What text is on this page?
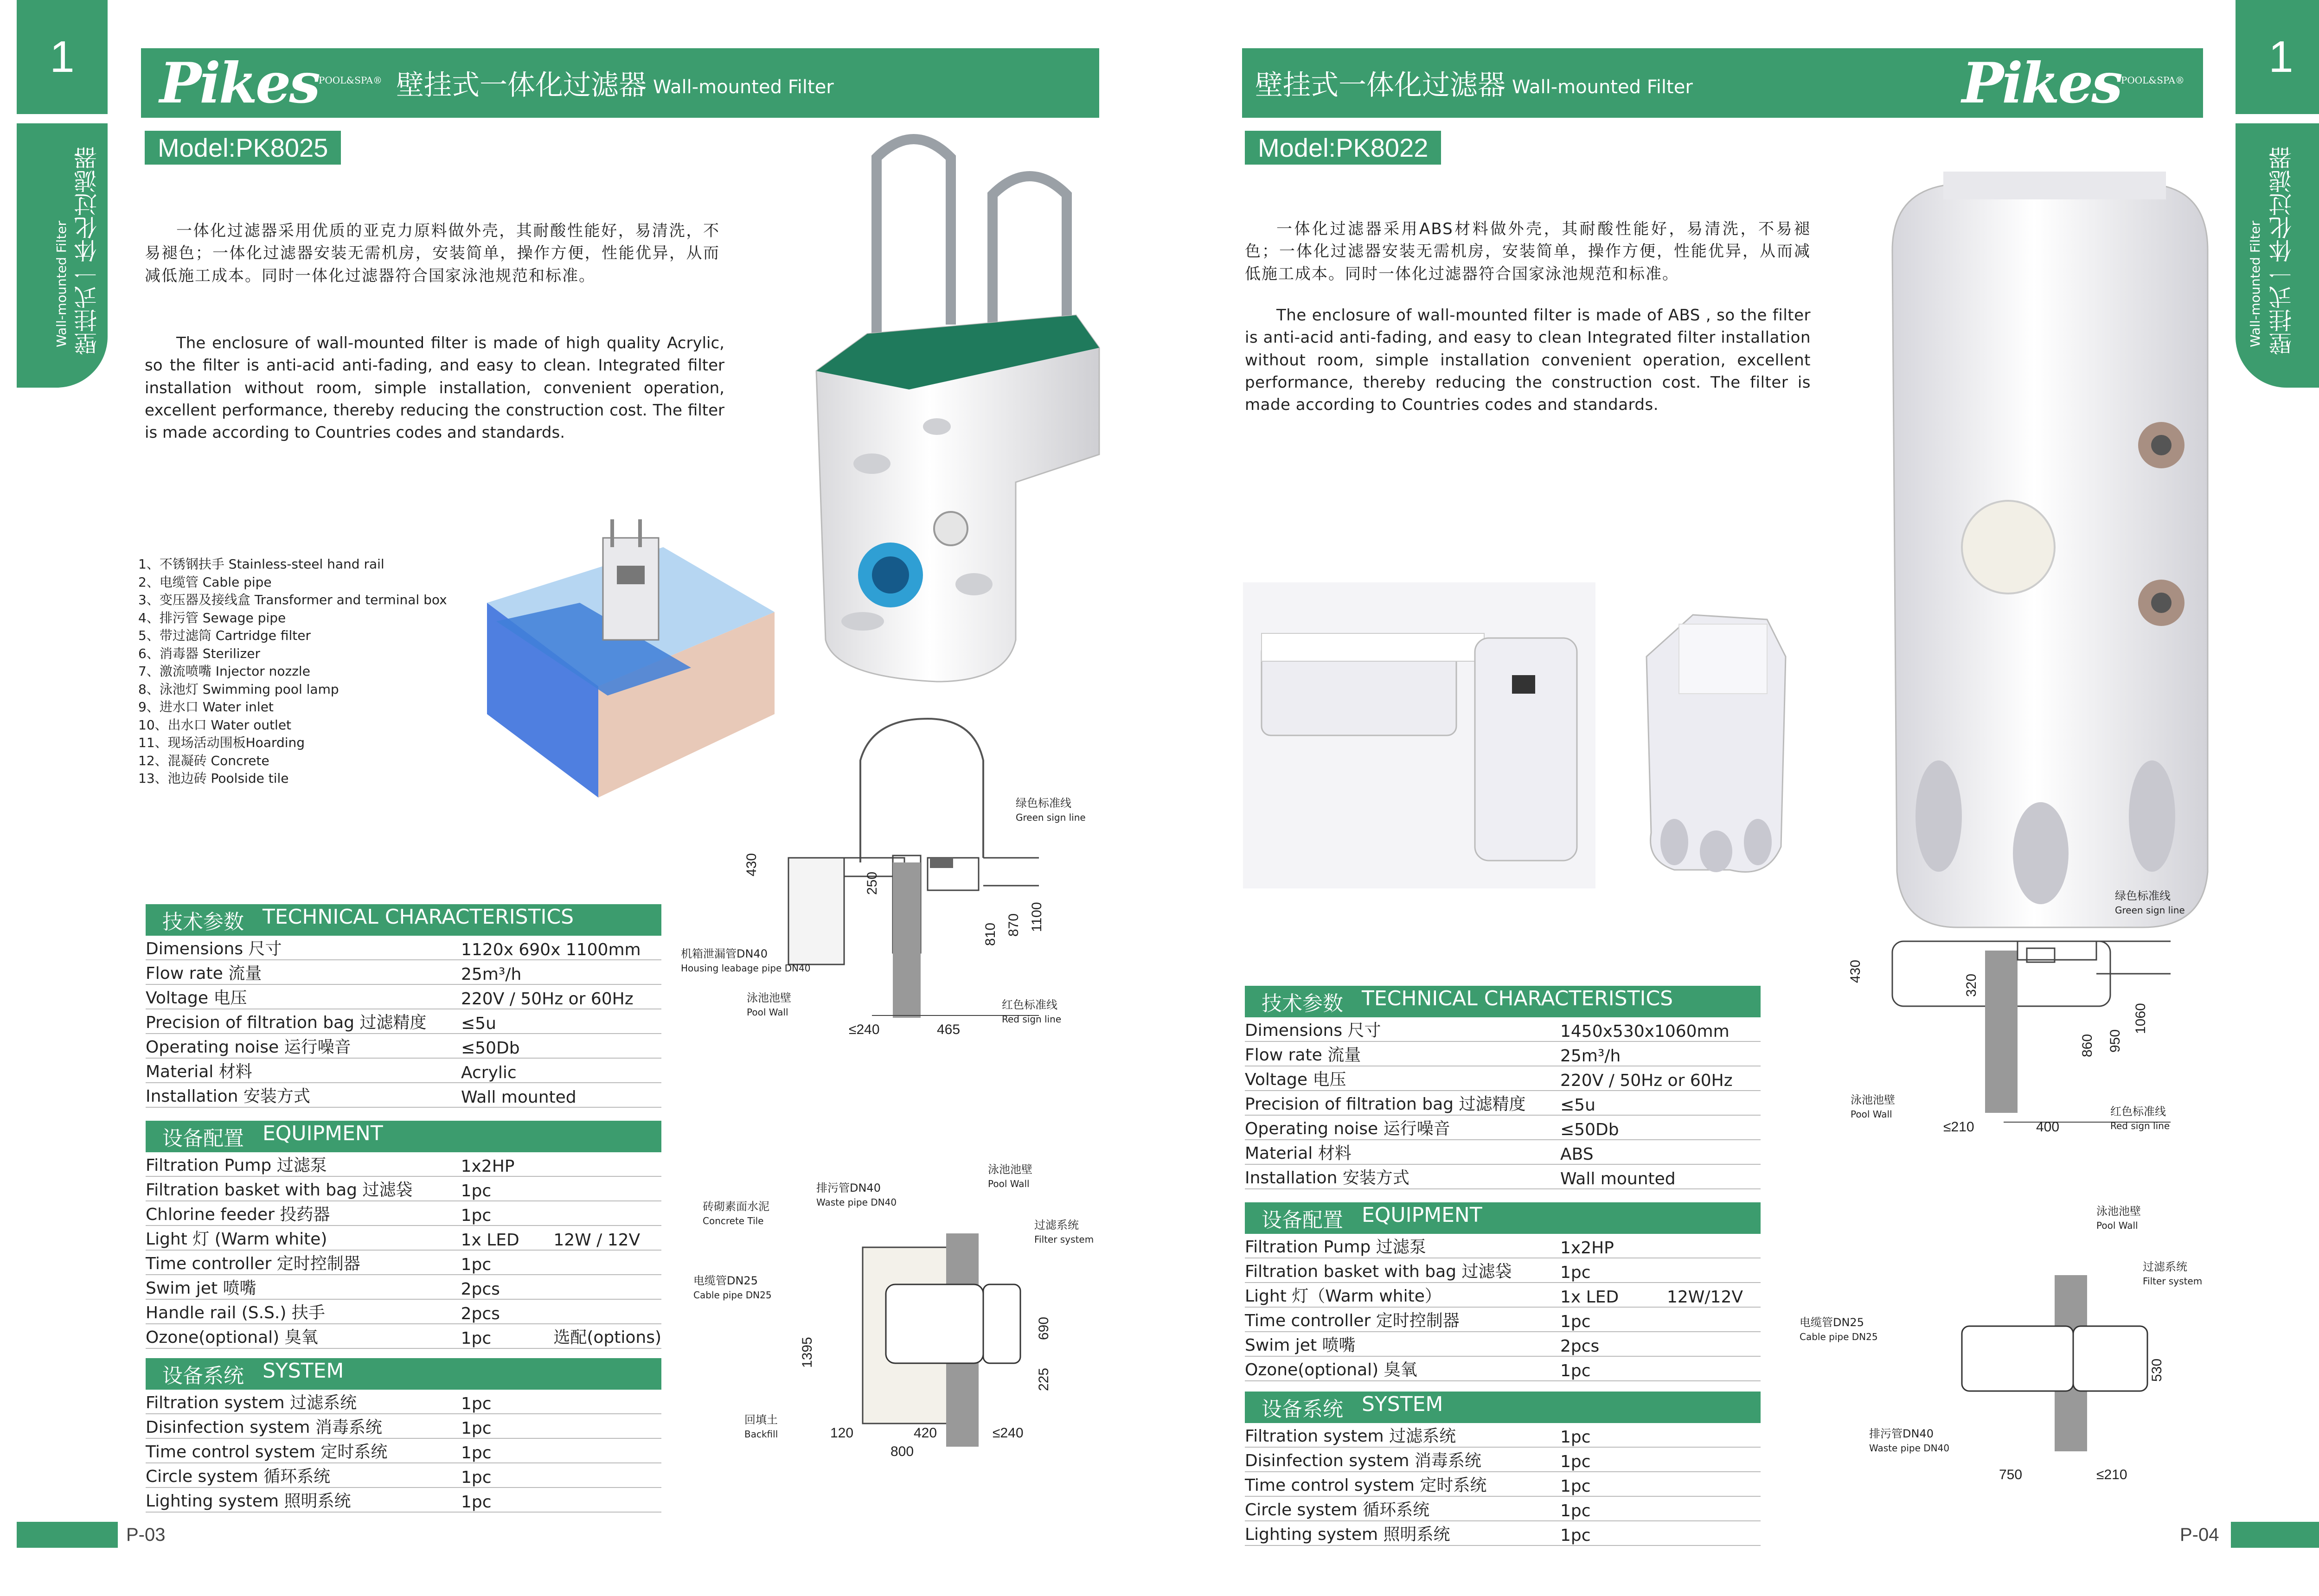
1
Wall-mounted Filter 壁挂式一体化过滤器
Pikes$^{POOL\&SPA®}$ 壁挂式一体化过滤器 Wall-mounted Filter
Model:PK8025
一体化过滤器采用优质的亚克力原料做外壳，其耐酸性能好，易清洗，不易褪色；一体化过滤器安装无需机房，安装简单，操作方便，性能优异，从而减低施工成本。同时一体化过滤器符合国家泳池规范和标准。
The enclosure of wall-mounted filter is made of high quality Acrylic, so the filter is anti-acid anti-fading, and easy to clean. Integrated filter installation without room, simple installation, convenient operation, excellent performance, thereby reducing the construction cost. The filter is made according to Countries codes and standards.
1、不锈钢扶手 Stainless-steel hand rail
2、电缆管 Cable pipe
3、变压器及接线盒 Transformer and terminal box
4、排污管 Sewage pipe
5、带过滤筒 Cartridge filter
6、消毒器 Sterilizer
7、激流喷嘴 Injector nozzle
8、泳池灯 Swimming pool lamp
9、进水口 Water inlet
10、出水口 Water outlet
11、现场活动围板Hoarding
12、混凝砖 Concrete
13、池边砖 Poolside tile
绿色标准线
Green sign line
红色标准线
Red sign line
机箱泄漏管DN40
Housing leabage pipe DN40
泳池池壁
Pool Wall
430
250
810 870 1100
≤240	465
排污管DN40
Waste pipe DN40
砖砌素面水泥
Concrete Tile
泳池池壁
Pool Wall
过滤系统
Filter system
电缆管DN25
Cable pipe DN25
回填土
Backfill
1395
690
225
120	420	≤240
800
技术参数 TECHNICAL CHARACTERISTICS
Dimensions 尺寸	1120x 690x 1100mm
Flow rate 流量	25m³/h
Voltage 电压	220V / 50Hz or 60Hz
Precision of filtration bag 过滤精度	≤5u
Operating noise 运行噪音	≤50Db
Material 材料	Acrylic
Installation 安装方式	Wall mounted
设备配置 EQUIPMENT
Filtration Pump 过滤泵	1x2HP	
Filtration basket with bag 过滤袋	1pc	
Chlorine feeder 投药器	1pc	
Light 灯 (Warm white)	1x LED	12W / 12V
Time controller 定时控制器	1pc	
Swim jet 喷嘴	2pcs	
Handle rail (S.S.) 扶手	2pcs	
Ozone(optional) 臭氧	1pc	选配(options)
设备系统 SYSTEM
Filtration system 过滤系统	1pc
Disinfection system 消毒系统	1pc
Time control system 定时系统	1pc
Circle system 循环系统	1pc
Lighting system 照明系统	1pc
P-03
1
Wall-mounted Filter 壁挂式一体化过滤器
壁挂式一体化过滤器 Wall-mounted Filter	Pikes$^{POOL\&SPA®}$
Model:PK8022
一体化过滤器采用ABS材料做外壳，其耐酸性能好，易清洗，不易褪色；一体化过滤器安装无需机房，安装简单，操作方便，性能优异，从而减低施工成本。同时一体化过滤器符合国家泳池规范和标准。
The enclosure of wall-mounted filter is made of ABS , so the filter is anti-acid anti-fading, and easy to clean Integrated filter installation without room, simple installation convenient operation, excellent performance, thereby reducing the construction cost. The filter is made according to Countries codes and standards.
绿色标准线
Green sign line
红色标准线
Red sign line
泳池池壁
Pool Wall
430
320
860 950
1060
≤210	400
泳池池壁
Pool Wall
过滤系统
Filter system
电缆管DN25
Cable pipe DN25
排污管DN40
Waste pipe DN40
530
750	≤210
技术参数 TECHNICAL CHARACTERISTICS
Dimensions 尺寸	1450x530x1060mm
Flow rate 流量	25m³/h
Voltage 电压	220V / 50Hz or 60Hz
Precision of filtration bag 过滤精度	≤5u
Operating noise 运行噪音	≤50Db
Material 材料	ABS
Installation 安装方式	Wall mounted
设备配置 EQUIPMENT
Filtration Pump 过滤泵	1x2HP	
Filtration basket with bag 过滤袋	1pc	
Light 灯（Warm white）	1x LED	12W/12V
Time controller 定时控制器	1pc	
Swim jet 喷嘴	2pcs	
Ozone(optional) 臭氧	1pc	
设备系统 SYSTEM
Filtration system 过滤系统	1pc
Disinfection system 消毒系统	1pc
Time control system 定时系统	1pc
Circle system 循环系统	1pc
Lighting system 照明系统	1pc	P-04
